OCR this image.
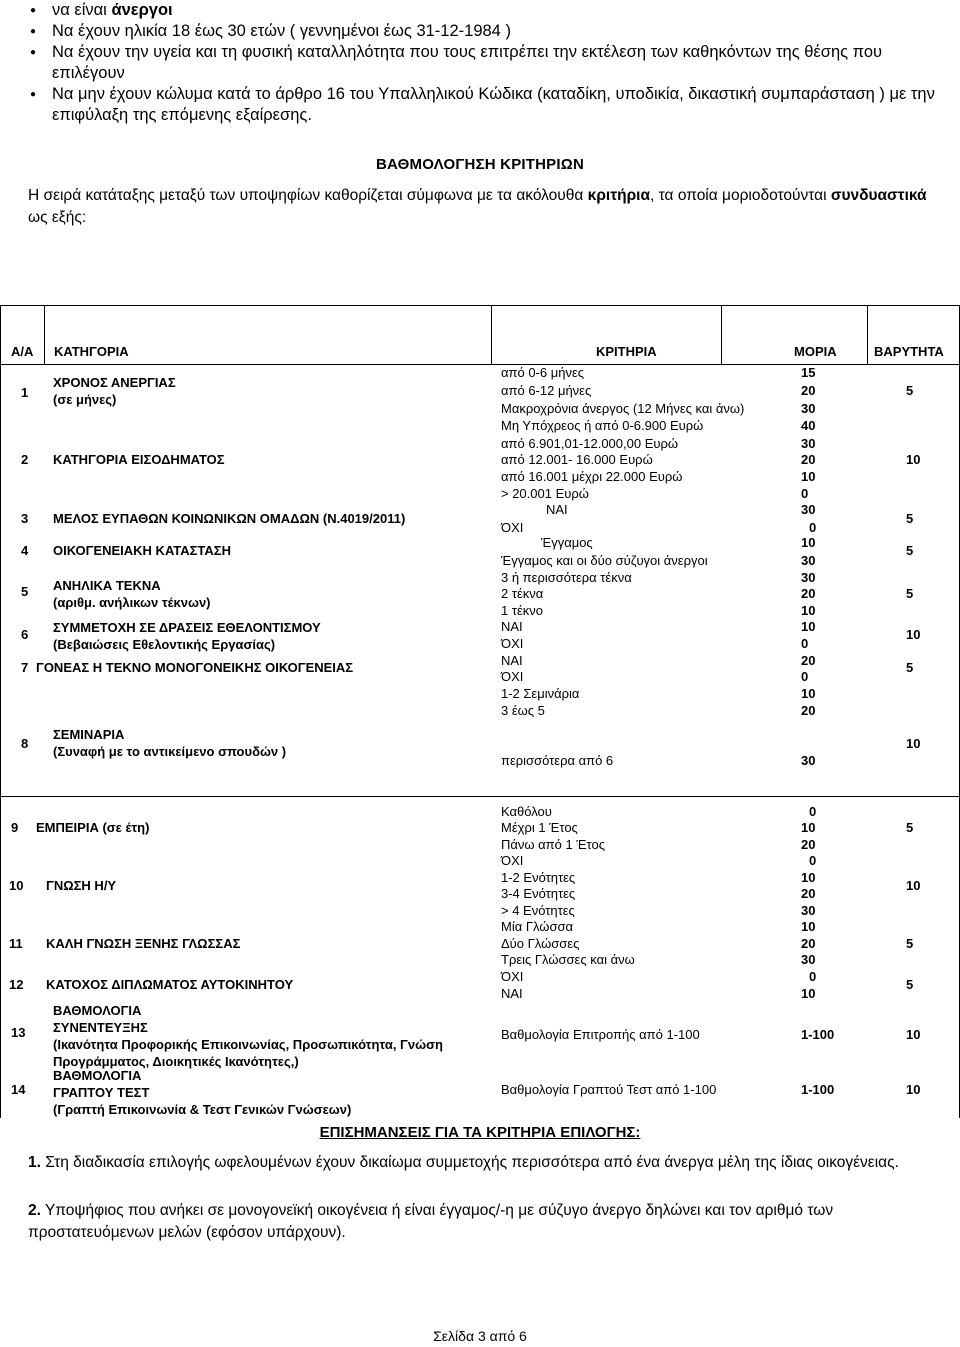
● να είναι άνεργοι
● Να έχουν ηλικία 18 έως 30 ετών ( γεννημένοι έως 31-12-1984 )
● Να έχουν την υγεία και τη φυσική καταλληλότητα που τους επιτρέπει την εκτέλεση των καθηκόντων της θέσης που επιλέγουν
● Να μην έχουν κώλυμα κατά το άρθρο 16 του Υπαλληλικού Κώδικα (καταδίκη, υποδικία, δικαστική συμπαράσταση ) με την επιφύλαξη της επόμενης εξαίρεσης.
ΒΑΘΜΟΛΟΓΗΣΗ ΚΡΙΤΗΡΙΩΝ
Η σειρά κατάταξης μεταξύ των υποψηφίων καθορίζεται σύμφωνα με τα ακόλουθα κριτήρια, τα οποία μοριοδοτούνται συνδυαστικά ως εξής:
Α/Α ΚΑΤΗΓΟΡΙΑ	ΚΡΙΤΗΡΙΑ	ΜΟΡΙΑ	ΒΑΡΥΤΗΤΑ
1
ΧΡΟΝΟΣ ΑΝΕΡΓΙΑΣ
(σε μήνες)
από 0-6 μήνες	15
από 6-12 μήνες	20
Μακροχρόνια άνεργος (12 Μήνες και άνω)	30
5
2 ΚΑΤΗΓΟΡΙΑ ΕΙΣΟΔΗΜΑΤΟΣ
Μη Υπόχρεος ή από 0-6.900 Ευρώ	40
από 6.901,01-12.000,00 Ευρώ	30
από 12.001- 16.000 Ευρώ	20
από 16.001 μέχρι 22.000 Ευρώ	10
> 20.001 Ευρώ	0
10
3 ΜΕΛΟΣ ΕΥΠΑΘΩΝ ΚΟΙΝΩΝΙΚΩΝ ΟΜΑΔΩΝ (Ν.4019/2011)
ΝΑΙ	30
ΌΧΙ	0
5
4 ΟΙΚΟΓΕΝΕΙΑΚΗ ΚΑΤΑΣΤΑΣΗ
Έγγαμος	10
Έγγαμος και οι δύο σύζυγοι άνεργοι	30
5
5 ΑΝΗΛΙΚΑ ΤΕΚΝΑ
(αριθμ. ανήλικων τέκνων)
3 ή περισσότερα τέκνα	30
2 τέκνα	20
1 τέκνο	10
5
6 ΣΥΜΜΕΤΟΧΗ ΣΕ ΔΡΑΣΕΙΣ ΕΘΕΛΟΝΤΙΣΜΟΥ
(Βεβαιώσεις Εθελοντικής Εργασίας)
ΝΑΙ	10
ΌΧΙ	0
10
7 ΓΟΝΕΑΣ Η ΤΕΚΝΟ ΜΟΝΟΓΟΝΕΙΚΗΣ ΟΙΚΟΓΕΝΕΙΑΣ	ΝΑΙ	20
ΌΧΙ	0
5
8
ΣΕΜΙΝΑΡΙΑ
(Συναφή με το αντικείμενο σπουδών )
1-2 Σεμινάρια	10
3 έως 5	20
περισσότερα από 6	30
10
9 ΕΜΠΕΙΡΙΑ (σε έτη)
Καθόλου	0
Μέχρι 1 Έτος	10
Πάνω από 1 Έτος	20
5
10 ΓΝΩΣΗ Η/Υ
ΌΧΙ	0
1-2 Ενότητες	10
3-4 Ενότητες	20
> 4 Ενότητες	30
10
11 ΚΑΛΗ ΓΝΩΣΗ ΞΕΝΗΣ ΓΛΩΣΣΑΣ
Μία Γλώσσα	10
Δύο Γλώσσες	20
Τρεις Γλώσσες και άνω	30
5
12 ΚΑΤΟΧΟΣ ΔΙΠΛΩΜΑΤΟΣ ΑΥΤΟΚΙΝΗΤΟΥ
ΌΧΙ	0
ΝΑΙ	10
5
13
ΒΑΘΜΟΛΟΓΙΑ
ΣΥΝΕΝΤΕΥΞΗΣ
(Ικανότητα Προφορικής Επικοινωνίας, Προσωπικότητα, Γνώση
Προγράμματος, Διοικητικές Ικανότητες,)
Βαθμολογία Επιτροπής από 1-100	1-100	10
14
ΒΑΘΜΟΛΟΓΙΑ
ΓΡΑΠΤΟΥ ΤΕΣΤ
(Γραπτή Επικοινωνία & Τεστ Γενικών Γνώσεων)
Βαθμολογία Γραπτού Τεστ από 1-100	1-100	10
ΕΠΙΣΗΜΑΝΣΕΙΣ ΓΙΑ ΤΑ ΚΡΙΤΗΡΙΑ ΕΠΙΛΟΓΗΣ:
1. Στη διαδικασία επιλογής ωφελουμένων έχουν δικαίωμα συμμετοχής περισσότερα από ένα άνεργα μέλη της ίδιας οικογένειας.
2. Υποψήφιος που ανήκει σε μονογονεϊκή οικογένεια ή είναι έγγαμος/-η με σύζυγο άνεργο δηλώνει και τον αριθμό των προστατευόμενων μελών (εφόσον υπάρχουν).
Σελίδα 3 από 6
